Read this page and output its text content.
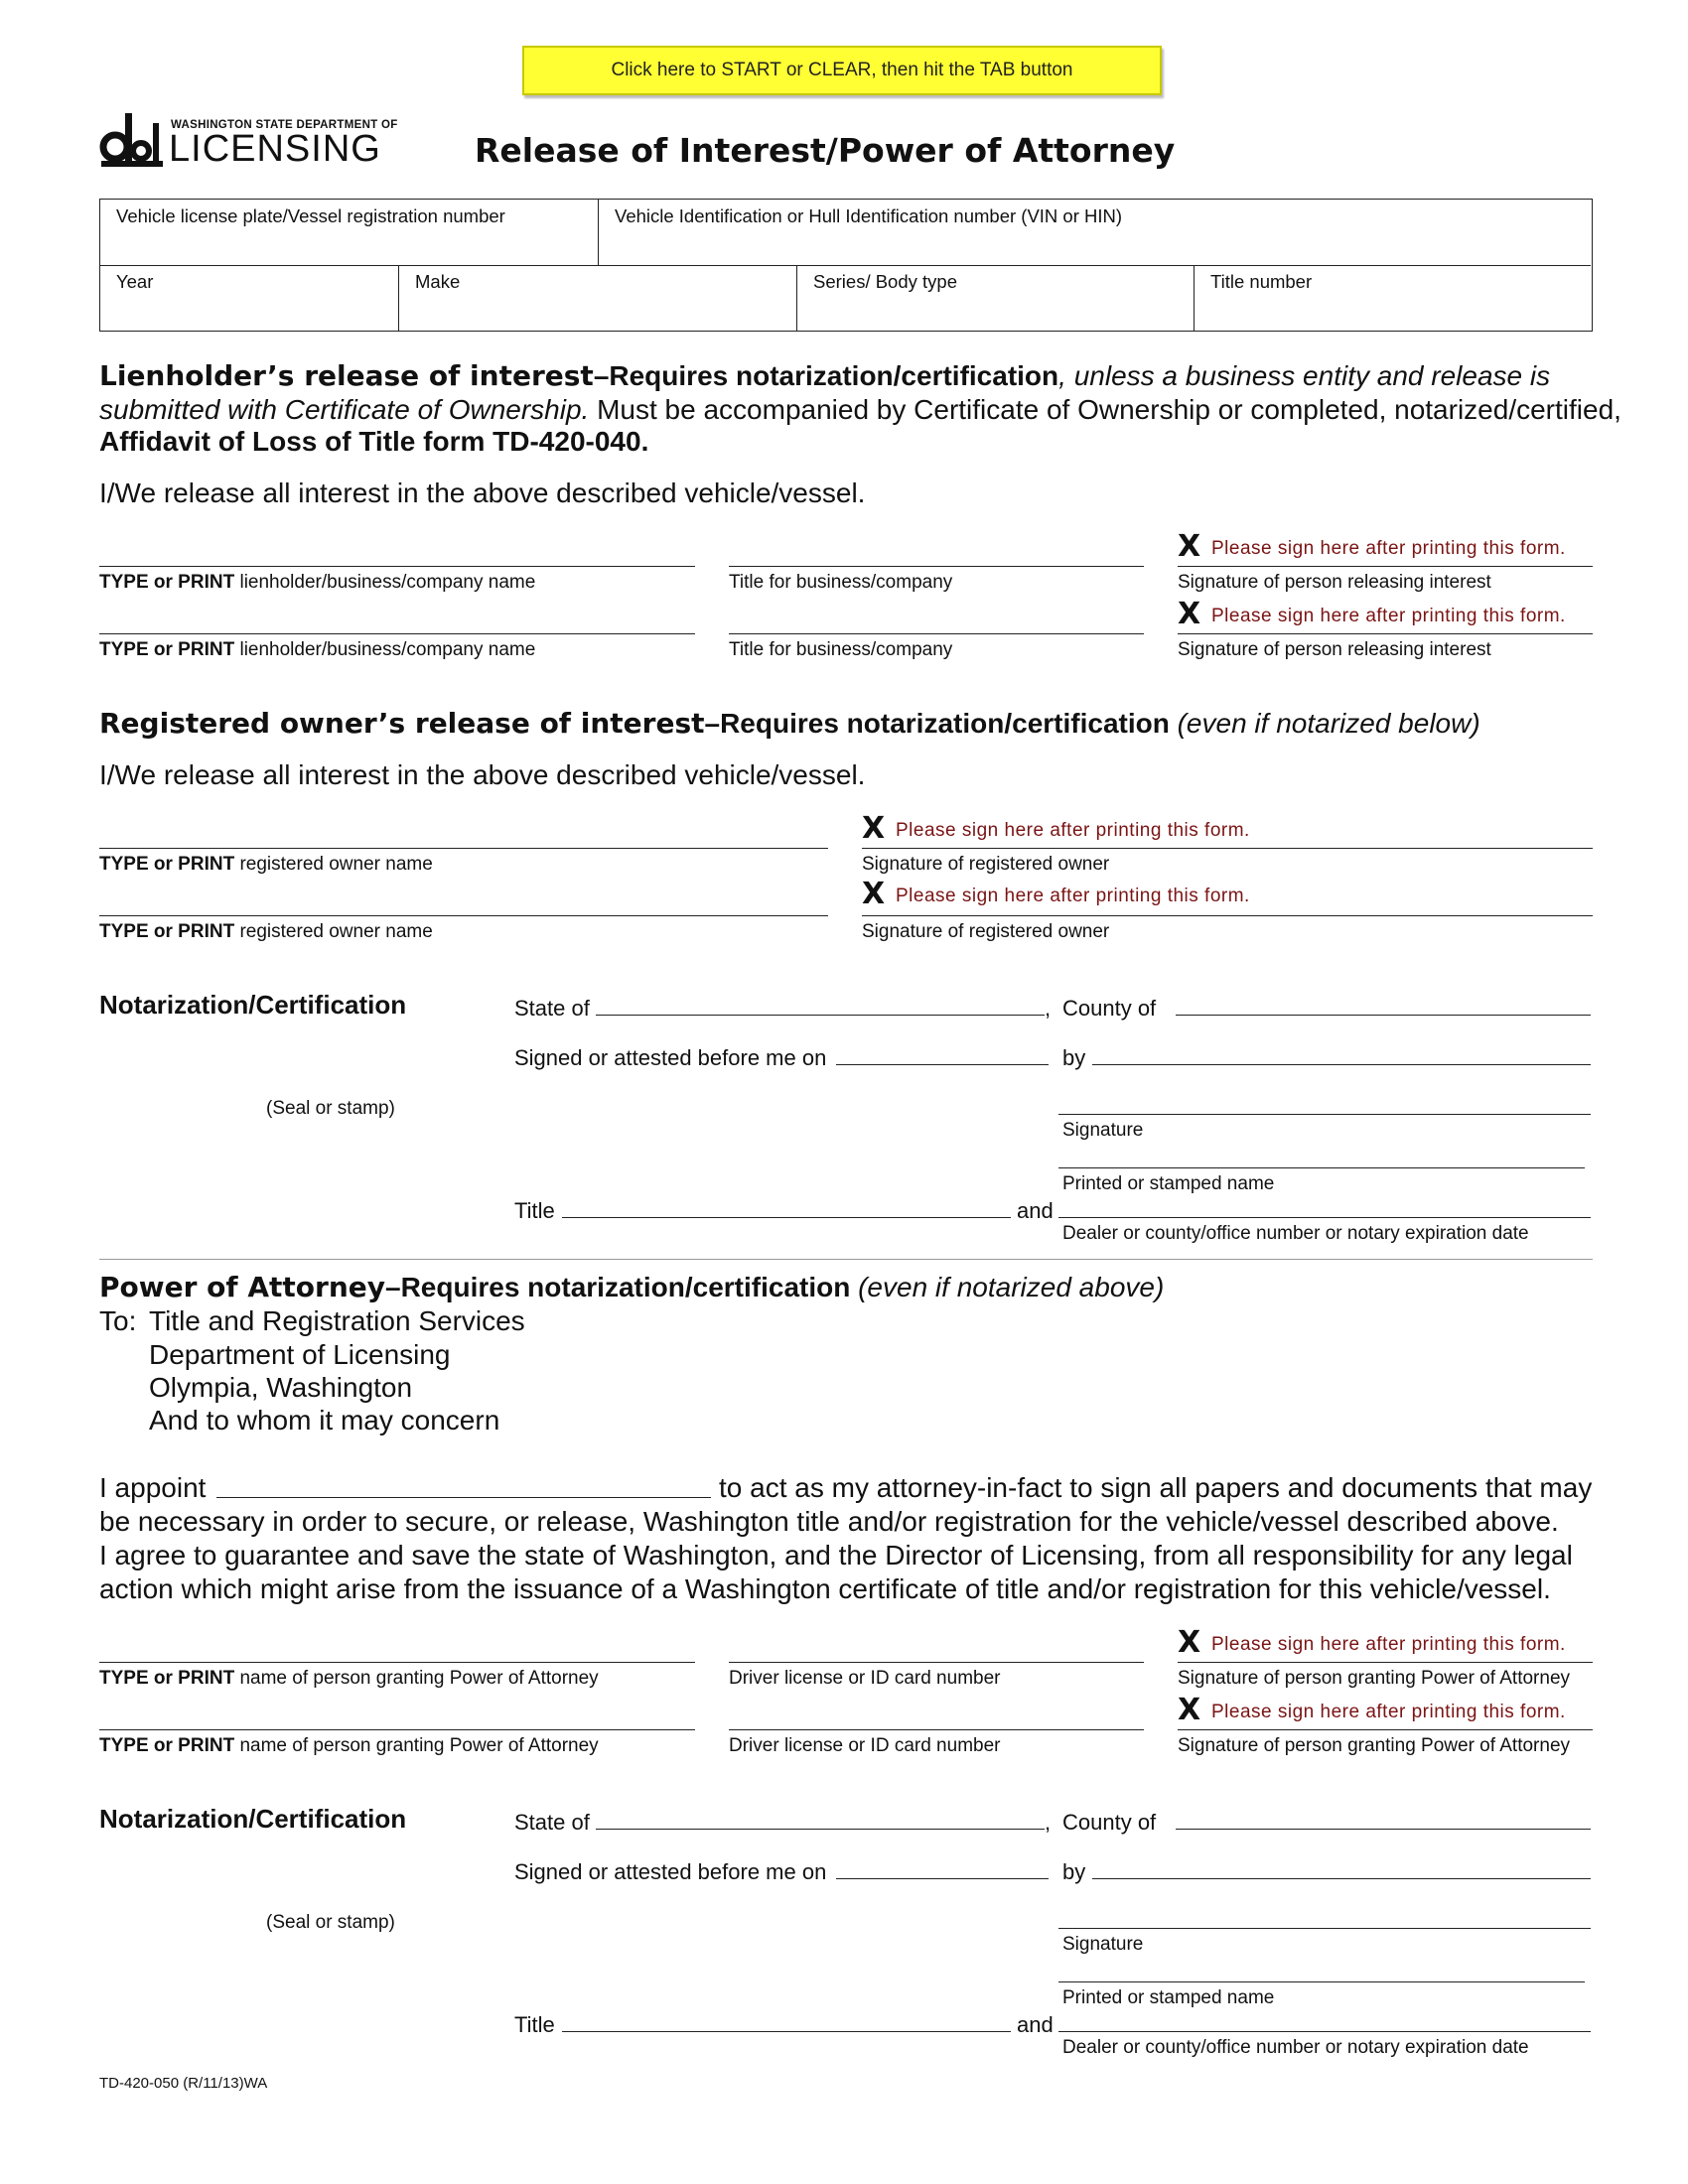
Click here to START or CLEAR, then hit the TAB button
WASHINGTON STATE DEPARTMENT OF
LICENSING	Release of Interest/Power of Attorney
Vehicle license plate/Vessel registration number	Vehicle Identification or Hull Identification number (VIN or HIN)
Year	Make	Series/ Body type	Title number
Lienholder’s release of interest–Requires notarization/certification, unless a business entity and release is
submitted with Certificate of Ownership. Must be accompanied by Certificate of Ownership or completed, notarized/certified,
Affidavit of Loss of Title form TD-420-040.
I/We release all interest in the above described vehicle/vessel.
TYPE or PRINT lienholder/business/company name	Title for business/company
X Please sign here after printing this form.
Signature of person releasing interest
TYPE or PRINT lienholder/business/company name	Title for business/company
X Please sign here after printing this form.
Signature of person releasing interest
Registered owner’s release of interest–Requires notarization/certification (even if notarized below)
I/We release all interest in the above described vehicle/vessel.
TYPE or PRINT registered owner name
X Please sign here after printing this form.
Signature of registered owner
TYPE or PRINT registered owner name
X Please sign here after printing this form.
Signature of registered owner
Notarization/Certification	State of	, County of
Signed or attested before me on	by
(Seal or stamp)
Signature
Printed or stamped name
Title	and
Dealer or county/office number or notary expiration date
Power of Attorney–Requires notarization/certification (even if notarized above)
To: Title and Registration Services
Department of Licensing
Olympia, Washington
And to whom it may concern
I appoint	to act as my attorney-in-fact to sign all papers and documents that may
be necessary in order to secure, or release, Washington title and/or registration for the vehicle/vessel described above.
I agree to guarantee and save the state of Washington, and the Director of Licensing, from all responsibility for any legal
action which might arise from the issuance of a Washington certificate of title and/or registration for this vehicle/vessel.
TYPE or PRINT name of person granting Power of Attorney	Driver license or ID card number
X Please sign here after printing this form.
Signature of person granting Power of Attorney
TYPE or PRINT name of person granting Power of Attorney	Driver license or ID card number
X Please sign here after printing this form.
Signature of person granting Power of Attorney
Notarization/Certification	State of	, County of
Signed or attested before me on	by
(Seal or stamp)
Signature
Printed or stamped name
Title	and
Dealer or county/office number or notary expiration date
TD-420-050 (R/11/13)WA
